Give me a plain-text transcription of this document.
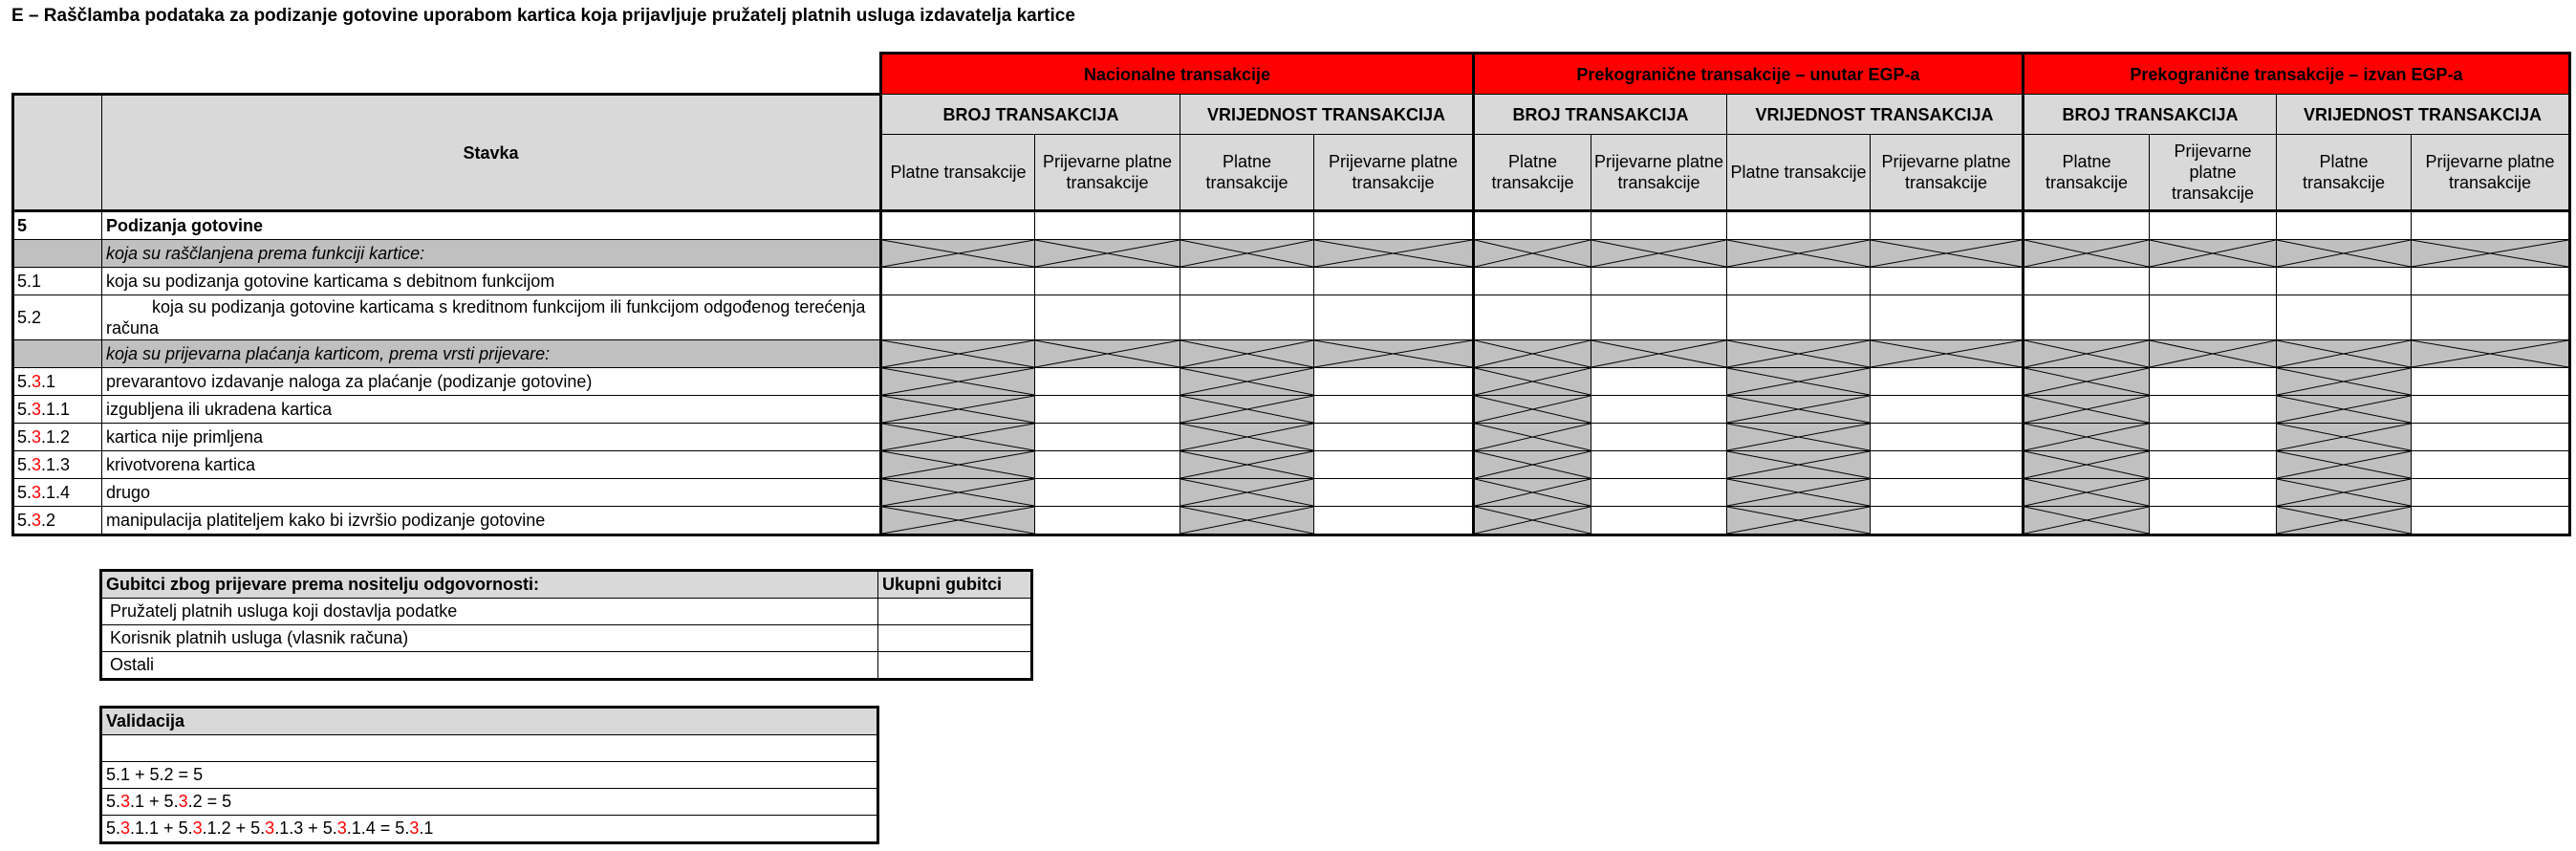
E – Raščlamba podataka za podizanje gotovine uporabom kartica koja prijavljuje pružatelj platnih usluga izdavatelja kartice
		Nacionalne transakcije				Prekogranične transakcije – unutar EGP-a				Prekogranične transakcije – izvan EGP-a			
	Stavka	BROJ TRANSAKCIJA		VRIJEDNOST TRANSAKCIJA		BROJ TRANSAKCIJA		VRIJEDNOST TRANSAKCIJA		BROJ TRANSAKCIJA		VRIJEDNOST TRANSAKCIJA	
		Platne transakcije	Prijevarne platne transakcije	Platne transakcije	Prijevarne platne transakcije	Platne transakcije	Prijevarne platne transakcije	Platne transakcije	Prijevarne platne transakcije	Platne transakcije	Prijevarne platne transakcije	Platne transakcije	Prijevarne platne transakcije
5	Podizanja gotovine												
	koja su raščlanjena prema funkciji kartice:	

5.1	koja su podizanja gotovine karticama s debitnom funkcijom												
5.2	koja su podizanja gotovine karticama s kreditnom funkcijom ili funkcijom odgođenog terećenja računa												
	koja su prijevarna plaćanja karticom, prema vrsti prijevare:	

5.3.1	prevarantovo izdavanje naloga za plaćanje (podizanje gotovine)	

5.3.1.1	izgubljena ili ukradena kartica	

5.3.1.2	kartica nije primljena	

5.3.1.3	krivotvorena kartica	

5.3.1.4	drugo	

5.3.2	manipulacija platiteljem kako bi izvršio podizanje gotovine	

Gubitci zbog prijevare prema nositelju odgovornosti:	Ukupni gubitci
Pružatelj platnih usluga koji dostavlja podatke	
Korisnik platnih usluga (vlasnik računa)	
Ostali	
Validacija

5.1 + 5.2 = 5
5.3.1 + 5.3.2 = 5
5.3.1.1 + 5.3.1.2 + 5.3.1.3 + 5.3.1.4 = 5.3.1
